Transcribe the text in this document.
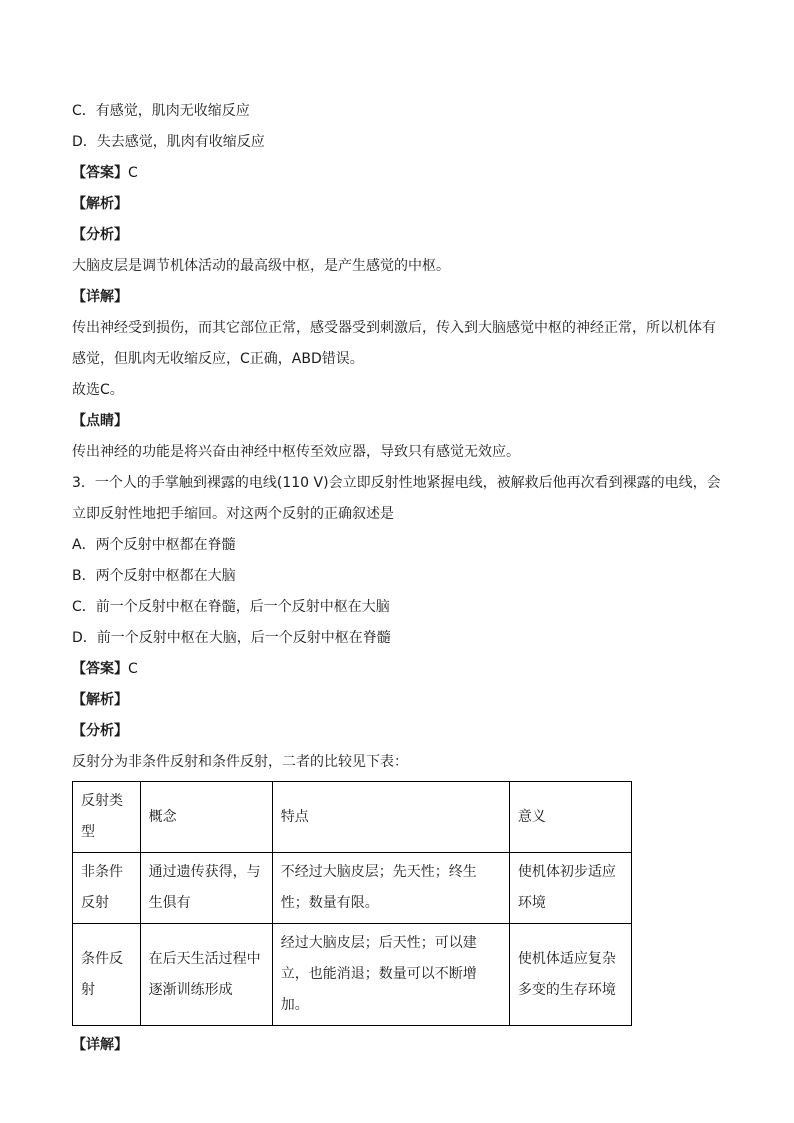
C．有感觉，肌肉无收缩反应
D．失去感觉，肌肉有收缩反应
【答案】C
【解析】
【分析】
大脑皮层是调节机体活动的最高级中枢，是产生感觉的中枢。
【详解】
传出神经受到损伤，而其它部位正常，感受器受到刺激后，传入到大脑感觉中枢的神经正常，所以机体有感觉，但肌肉无收缩反应，C正确，ABD错误。
故选C。
【点睛】
传出神经的功能是将兴奋由神经中枢传至效应器，导致只有感觉无效应。
3．一个人的手掌触到裸露的电线(110 V)会立即反射性地紧握电线，被解救后他再次看到裸露的电线，会立即反射性地把手缩回。对这两个反射的正确叙述是
A．两个反射中枢都在脊髓
B．两个反射中枢都在大脑
C．前一个反射中枢在脊髓，后一个反射中枢在大脑
D．前一个反射中枢在大脑，后一个反射中枢在脊髓
【答案】C
【解析】
【分析】
反射分为非条件反射和条件反射，二者的比较见下表：
反射类型	概念	特点	意义
非条件反射	通过遗传获得，与生俱有	不经过大脑皮层；先天性；终生性；数量有限。	使机体初步适应环境
条件反射	在后天生活过程中逐渐训练形成	经过大脑皮层；后天性；可以建立，也能消退；数量可以不断增加。	使机体适应复杂多变的生存环境
【详解】
